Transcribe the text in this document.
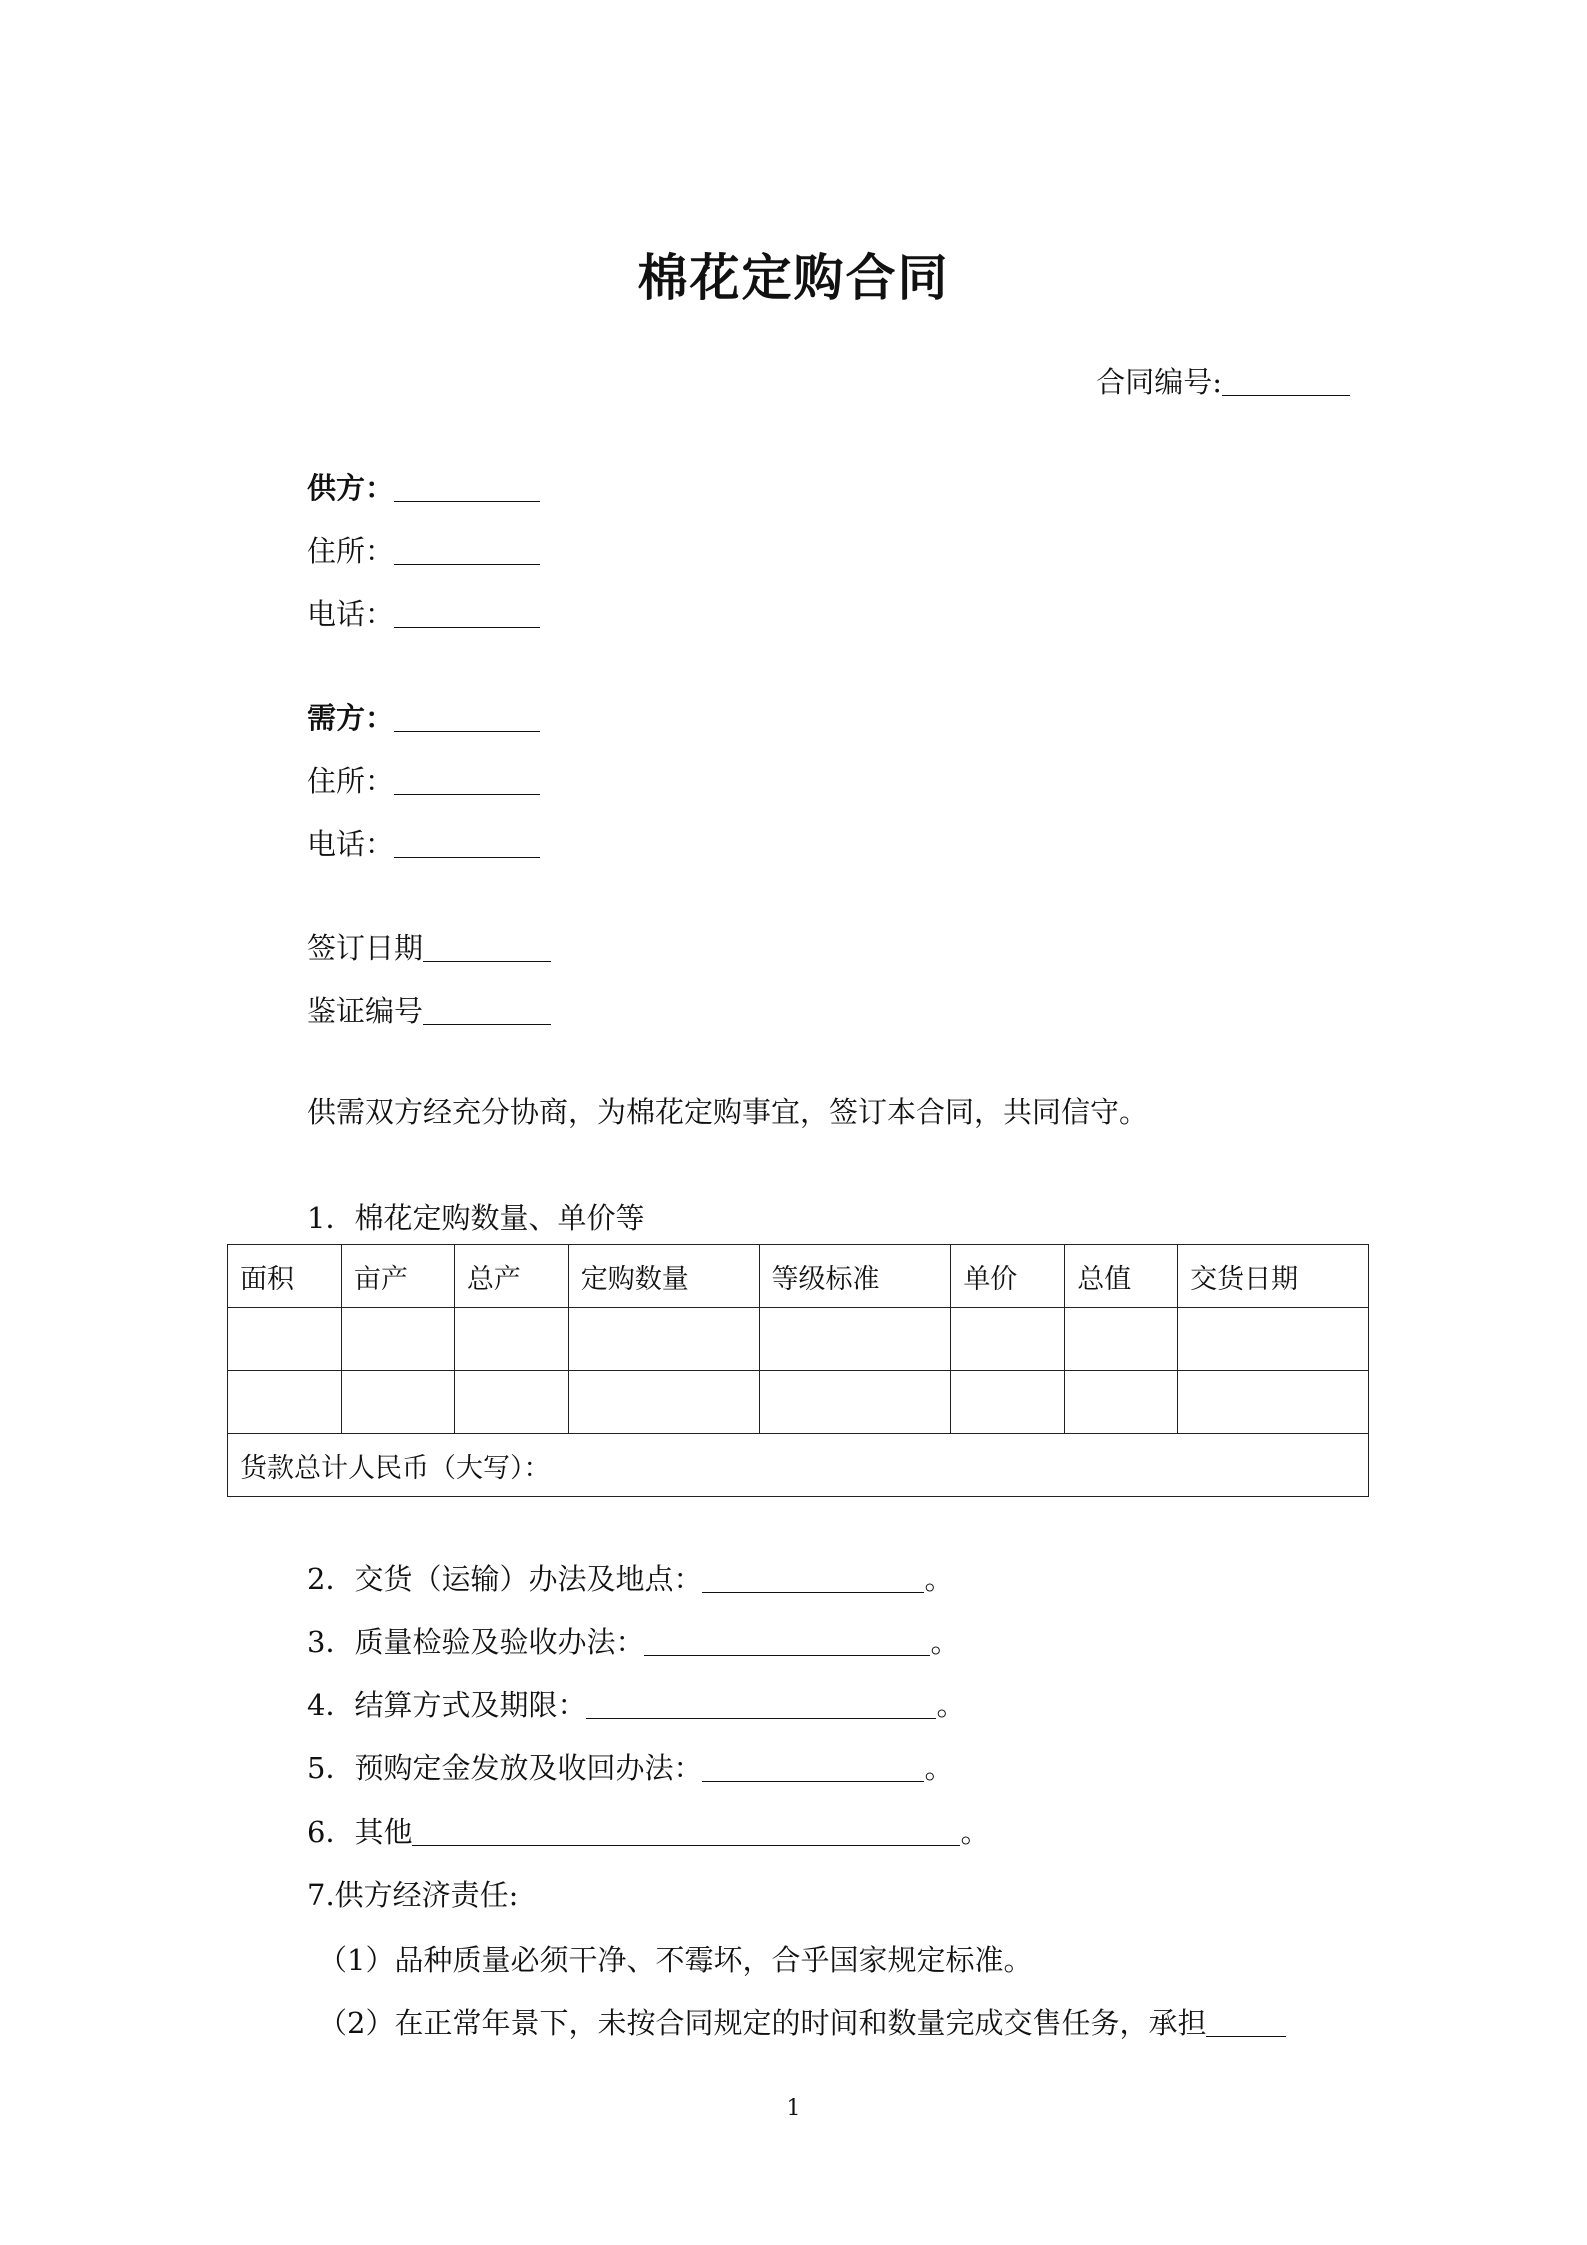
棉花定购合同
合同编号:
供方：
住所：
电话：
需方：
住所：
电话：
签订日期
鉴证编号
供需双方经充分协商，为棉花定购事宜，签订本合同，共同信守。
1．棉花定购数量、单价等
面积	亩产	总产	定购数量	等级标准	单价	总值	交货日期

货款总计人民币（大写）：							
2．交货（运输）办法及地点：	。
3．质量检验及验收办法：	。
4．结算方式及期限：	。
5．预购定金发放及收回办法：	。
6．其他	。
7.供方经济责任:
（1）品种质量必须干净、不霉坏，合乎国家规定标准。
（2）在正常年景下，未按合同规定的时间和数量完成交售任务，承担
1
